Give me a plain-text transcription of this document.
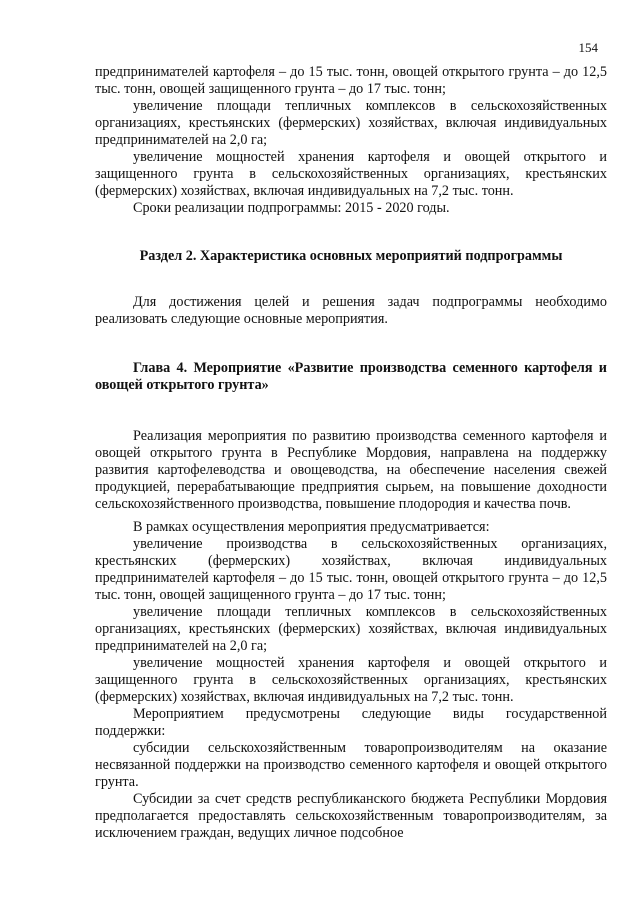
154

предпринимателей картофеля – до 15 тыс. тонн, овощей открытого грунта – до 12,5 тыс. тонн, овощей защищенного грунта – до 17 тыс. тонн;

увеличение площади тепличных комплексов в сельскохозяйственных организациях, крестьянских (фермерских) хозяйствах, включая индивидуальных предпринимателей на 2,0 га;

увеличение мощностей хранения картофеля и овощей открытого и защищенного грунта в сельскохозяйственных организациях, крестьянских (фермерских) хозяйствах, включая индивидуальных на 7,2 тыс. тонн.

Сроки реализации подпрограммы: 2015 - 2020 годы.

Раздел 2. Характеристика основных мероприятий подпрограммы

Для достижения целей и решения задач подпрограммы необходимо реализовать следующие основные мероприятия.

Глава 4. Мероприятие «Развитие производства семенного картофеля и овощей открытого грунта»

Реализация мероприятия по развитию производства семенного картофеля и овощей открытого грунта в Республике Мордовия, направлена на поддержку развития картофелеводства и овощеводства, на обеспечение населения свежей продукцией, перерабатывающие предприятия сырьем, на повышение доходности сельскохозяйственного производства, повышение плодородия и качества почв.

В рамках осуществления мероприятия предусматривается:

увеличение производства в сельскохозяйственных организациях, крестьянских (фермерских) хозяйствах, включая индивидуальных предпринимателей картофеля – до 15 тыс. тонн, овощей открытого грунта – до 12,5 тыс. тонн, овощей защищенного грунта – до 17 тыс. тонн;

увеличение площади тепличных комплексов в сельскохозяйственных организациях, крестьянских (фермерских) хозяйствах, включая индивидуальных предпринимателей на 2,0 га;

увеличение мощностей хранения картофеля и овощей открытого и защищенного грунта в сельскохозяйственных организациях, крестьянских (фермерских) хозяйствах, включая индивидуальных на 7,2 тыс. тонн.

Мероприятием предусмотрены следующие виды государственной поддержки:

субсидии сельскохозяйственным товаропроизводителям на оказание несвязанной поддержки на производство семенного картофеля и овощей открытого грунта.

Субсидии за счет средств республиканского бюджета Республики Мордовия предполагается предоставлять сельскохозяйственным товаропроизводителям, за исключением граждан, ведущих личное подсобное
